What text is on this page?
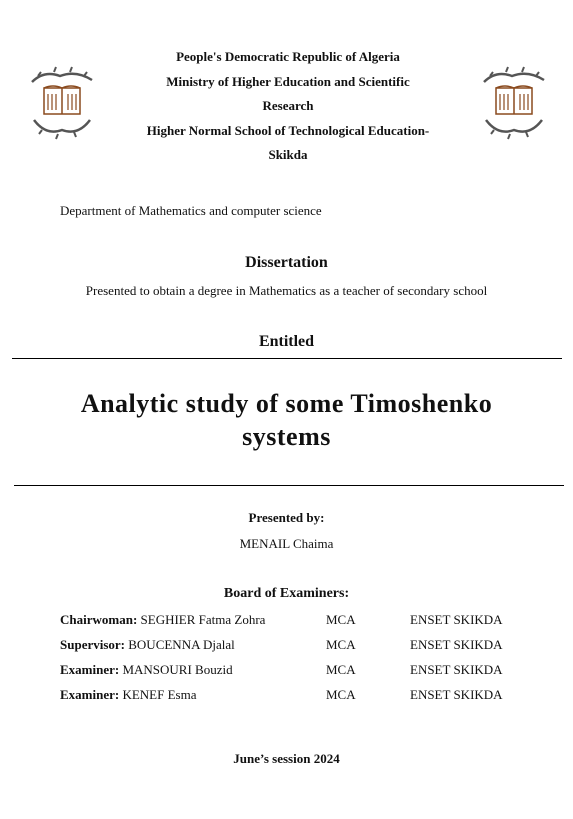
People's Democratic Republic of Algeria
Ministry of Higher Education and Scientific
Research
Higher Normal School of Technological Education-
Skikda
Department of Mathematics and computer science
Dissertation
Presented to obtain a degree in Mathematics as a teacher of secondary school
Entitled
Analytic study of some Timoshenko
systems
Presented by:
MENAIL Chaima
Board of Examiners:
Chairwoman: SEGHIER Fatma Zohra	MCA	ENSET SKIKDA
Supervisor: BOUCENNA Djalal	MCA	ENSET SKIKDA
Examiner: MANSOURI Bouzid	MCA	ENSET SKIKDA
Examiner: KENEF Esma	MCA	ENSET SKIKDA
June’s session 2024
